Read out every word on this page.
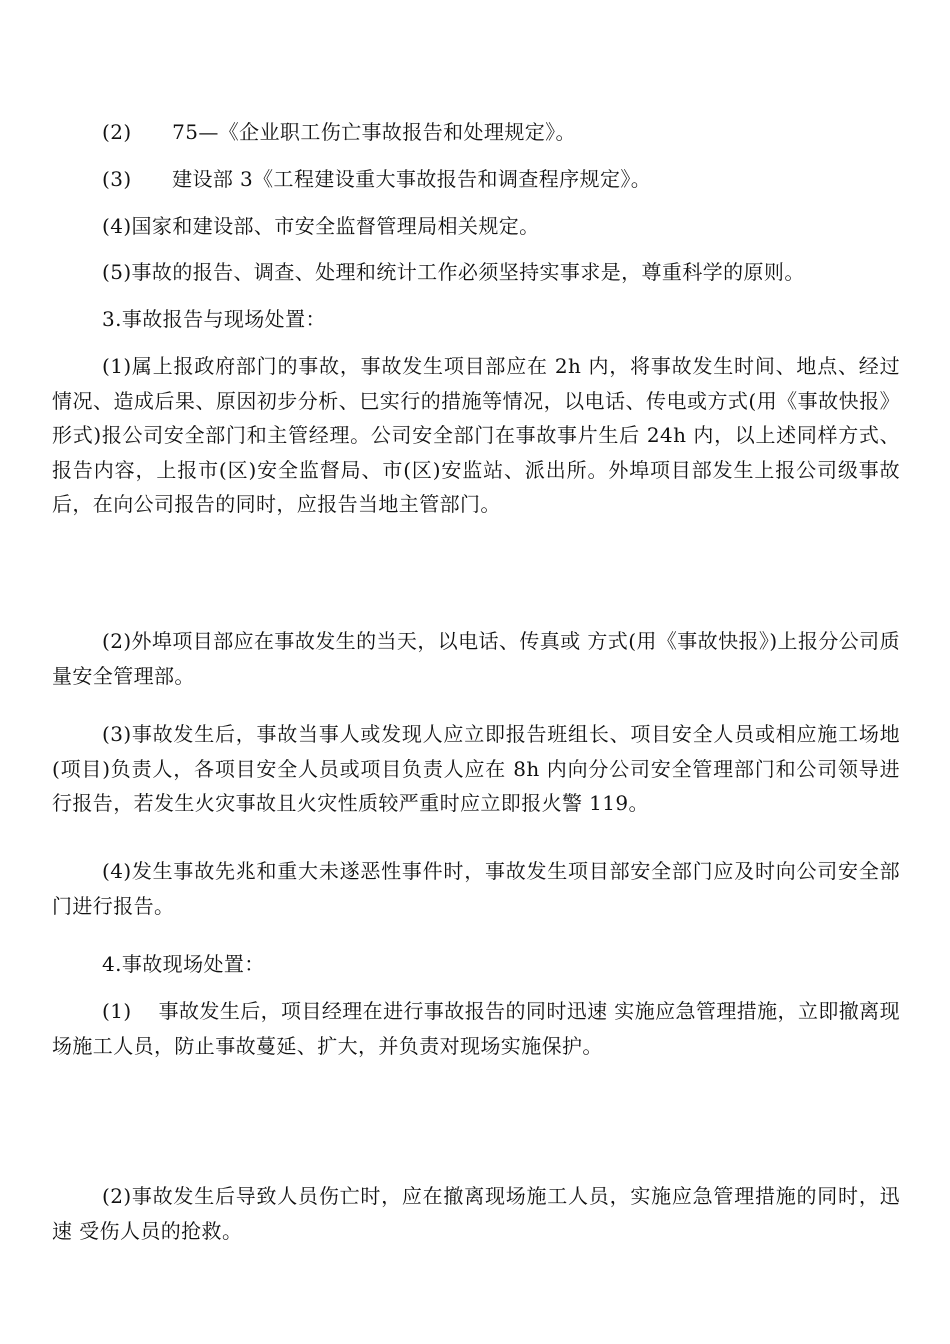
(2) 75—《企业职工伤亡事故报告和处理规定》。

(3) 建设部 3《工程建设重大事故报告和调查程序规定》。

(4)国家和建设部、市安全监督管理局相关规定。

(5)事故的报告、调查、处理和统计工作必须坚持实事求是，尊重科学的原则。

3.事故报告与现场处置：

(1)属上报政府部门的事故，事故发生项目部应在 2h 内，将事故发生时间、地点、经过情况、造成后果、原因初步分析、巳实行的措施等情况，以电话、传电或方式(用《事故快报》形式)报公司安全部门和主管经理。公司安全部门在事故事片生后 24h 内，以上述同样方式、报告内容，上报市(区)安全监督局、市(区)安监站、派出所。外埠项目部发生上报公司级事故后，在向公司报告的同时，应报告当地主管部门。

(2)外埠项目部应在事故发生的当天，以电话、传真或 方式(用《事故快报》)上报分公司质量安全管理部。

(3)事故发生后，事故当事人或发现人应立即报告班组长、项目安全人员或相应施工场地(项目)负责人，各项目安全人员或项目负责人应在 8h 内向分公司安全管理部门和公司领导进行报告，若发生火灾事故且火灾性质较严重时应立即报火警 119。

(4)发生事故先兆和重大未遂恶性事件时，事故发生项目部安全部门应及时向公司安全部门进行报告。

4.事故现场处置：

(1) 事故发生后，项目经理在进行事故报告的同时迅速 实施应急管理措施，立即撤离现场施工人员，防止事故蔓延、扩大，并负责对现场实施保护。

(2)事故发生后导致人员伤亡时，应在撤离现场施工人员，实施应急管理措施的同时，迅速 受伤人员的抢救。
